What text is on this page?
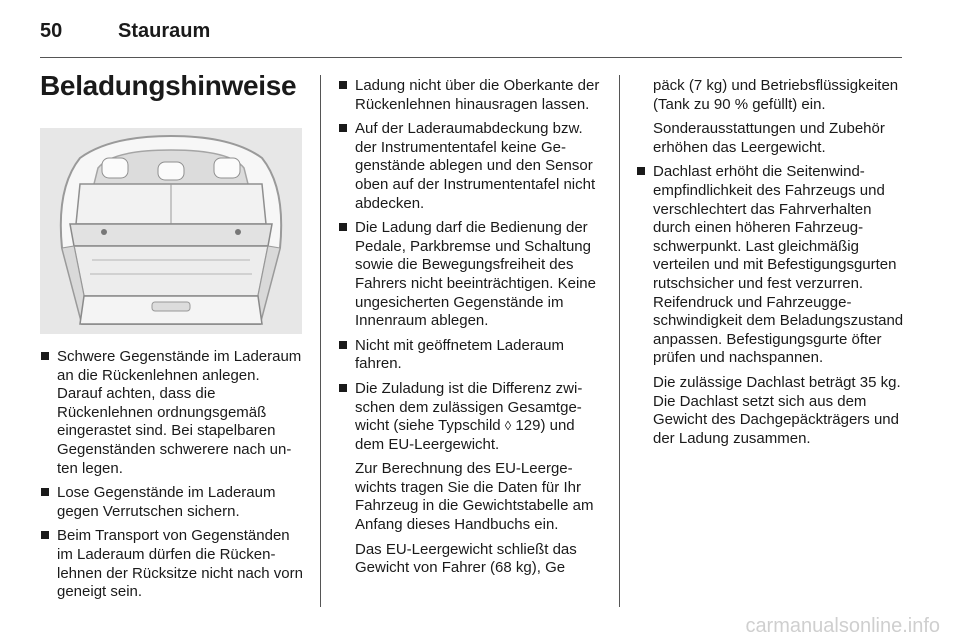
50	Stauraum
Beladungshinweise

Schwere Gegenstände im Laderaum an die Rückenlehnen anlegen. Darauf achten, dass die Rückenlehnen ordnungsgemäß eingerastet sind. Bei stapelbaren Gegenständen schwerere nach unten legen.

Lose Gegenstände im Laderaum gegen Verrutschen sichern.

Beim Transport von Gegenständen im Laderaum dürfen die Rückenlehnen der Rücksitze nicht nach vorn geneigt sein.

Ladung nicht über die Oberkante der Rückenlehnen hinausragen lassen.

Auf der Laderaumabdeckung bzw. der Instrumententafel keine Gegenstände ablegen und den Sensor oben auf der Instrumententafel nicht abdecken.

Die Ladung darf die Bedienung der Pedale, Parkbremse und Schaltung sowie die Bewegungsfreiheit des Fahrers nicht beeinträchtigen. Keine ungesicherten Gegenstände im Innenraum ablegen.

Nicht mit geöffnetem Laderaum fahren.

Die Zuladung ist die Differenz zwischen dem zulässigen Gesamtgewicht (siehe Typschild ◊ 129) und dem EU-Leergewicht.

Zur Berechnung des EU-Leergewichts tragen Sie die Daten für Ihr Fahrzeug in die Gewichtstabelle am Anfang dieses Handbuchs ein.

Das EU-Leergewicht schließt das Gewicht von Fahrer (68 kg), Ge

päck (7 kg) und Betriebsflüssigkeiten (Tank zu 90 % gefüllt) ein.

Sonderausstattungen und Zubehör erhöhen das Leergewicht.

Dachlast erhöht die Seitenwindempfindlichkeit des Fahrzeugs und verschlechtert das Fahrverhalten durch einen höheren Fahrzeugschwerpunkt. Last gleichmäßig verteilen und mit Befestigungsgurten rutschsicher und fest verzurren. Reifendruck und Fahrzeuggeschwindigkeit dem Beladungszustand anpassen. Befestigungsgurte öfter prüfen und nachspannen.

Die zulässige Dachlast beträgt 35 kg. Die Dachlast setzt sich aus dem Gewicht des Dachgepäckträgers und der Ladung zusammen.

carmanualsonline.info
